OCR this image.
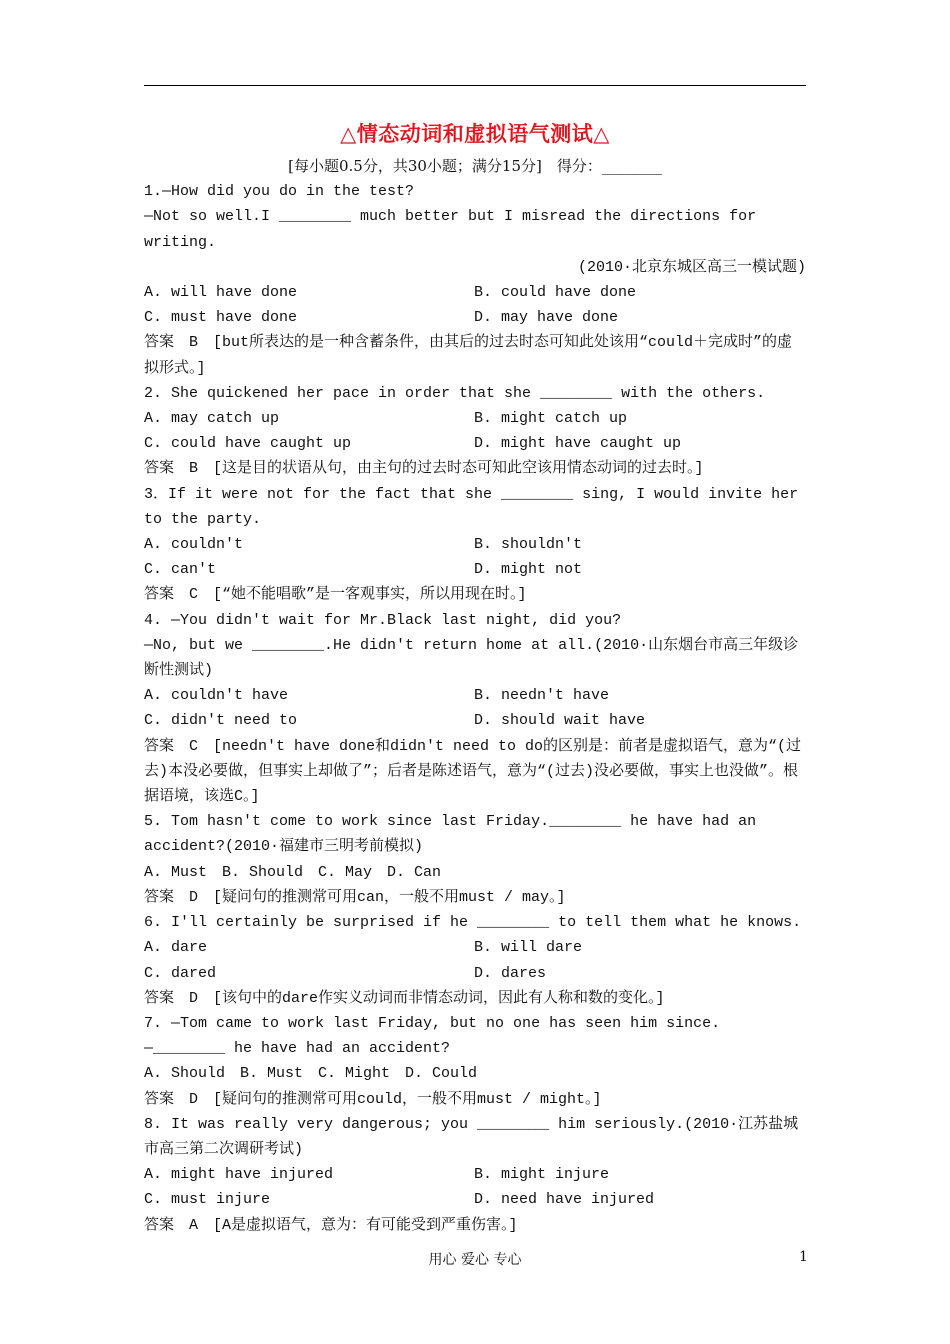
△情态动词和虚拟语气测试△
[每小题0.5分，共30小题；满分15分]　得分：________
1.—How did you do in the test?
—Not so well.I ________ much better but I misread the directions for writing.
(2010·北京东城区高三一模试题)
A. will have done	B. could have done
C. must have done	D. may have done
答案　B　[but所表达的是一种含蓄条件，由其后的过去时态可知此处该用“could＋完成时”的虚拟形式。]
2. She quickened her pace in order that she ________ with the others.
A. may catch up	B. might catch up
C. could have caught up	D. might have caught up
答案　B　[这是目的状语从句，由主句的过去时态可知此空该用情态动词的过去时。]
3．If it were not for the fact that she ________ sing, I would invite her to the party.
A. couldn't	B. shouldn't
C. can't	D. might not
答案　C　[“她不能唱歌”是一客观事实，所以用现在时。]
4. —You didn't wait for Mr.Black last night, did you?
—No, but we ________.He didn't return home at all.(2010·山东烟台市高三年级诊断性测试)
A. couldn't have	B. needn't have
C. didn't need to	D. should wait have
答案　C　[needn't have done和didn't need to do的区别是：前者是虚拟语气，意为“(过去)本没必要做，但事实上却做了”；后者是陈述语气，意为“(过去)没必要做，事实上也没做”。根据语境，该选C。]
5. Tom hasn't come to work since last Friday.________ he have had an accident?(2010·福建市三明考前模拟)
A. Must　B. Should　C. May　D. Can
答案　D　[疑问句的推测常可用can，一般不用must / may。]
6. I'll certainly be surprised if he ________ to tell them what he knows.
A. dare	B. will dare
C. dared	D. dares
答案　D　[该句中的dare作实义动词而非情态动词，因此有人称和数的变化。]
7. —Tom came to work last Friday, but no one has seen him since.
—________ he have had an accident?
A. Should　B. Must　C. Might　D. Could
答案　D　[疑问句的推测常可用could，一般不用must / might。]
8. It was really very dangerous; you ________ him seriously.(2010·江苏盐城市高三第二次调研考试)
A. might have injured	B. might injure
C. must injure	D. need have injured
答案　A　[A是虚拟语气，意为：有可能受到严重伤害。]
用心 爱心 专心	1
